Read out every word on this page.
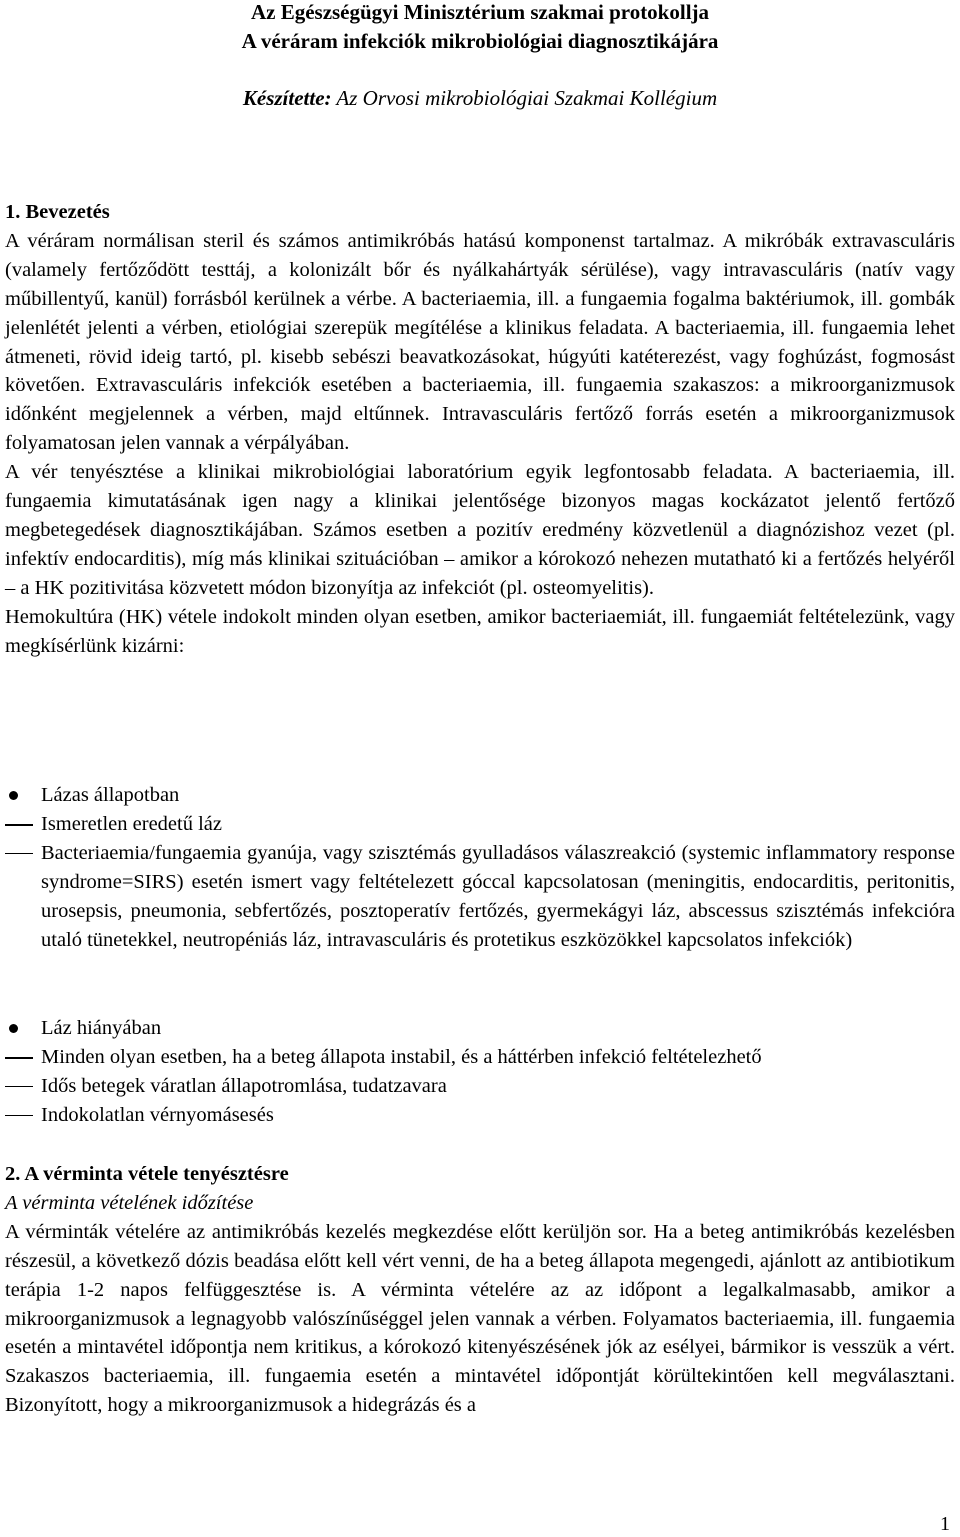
Az Egészségügyi Minisztérium szakmai protokollja
A véráram infekciók mikrobiológiai diagnosztikájára
Készítette: Az Orvosi mikrobiológiai Szakmai Kollégium

1. Bevezetés

A véráram normálisan steril és számos antimikróbás hatású komponenst tartalmaz. A mikróbák extravasculáris (valamely fertőződött testtáj, a kolonizált bőr és nyálkahártyák sérülése), vagy intravasculáris (natív vagy műbillentyű, kanül) forrásból kerülnek a vérbe. A bacteriaemia, ill. a fungaemia fogalma baktériumok, ill. gombák jelenlétét jelenti a vérben, etiológiai szerepük megítélése a klinikus feladata. A bacteriaemia, ill. fungaemia lehet átmeneti, rövid ideig tartó, pl. kisebb sebészi beavatkozásokat, húgyúti katéterezést, vagy foghúzást, fogmosást követően. Extravasculáris infekciók esetében a bacteriaemia, ill. fungaemia szakaszos: a mikroorganizmusok időnként megjelennek a vérben, majd eltűnnek. Intravasculáris fertőző forrás esetén a mikroorganizmusok folyamatosan jelen vannak a vérpályában.

A vér tenyésztése a klinikai mikrobiológiai laboratórium egyik legfontosabb feladata. A bacteriaemia, ill. fungaemia kimutatásának igen nagy a klinikai jelentősége bizonyos magas kockázatot jelentő fertőző megbetegedések diagnosztikájában. Számos esetben a pozitív eredmény közvetlenül a diagnózishoz vezet (pl. infektív endocarditis), míg más klinikai szituációban – amikor a kórokozó nehezen mutatható ki a fertőzés helyéről – a HK pozitivitása közvetett módon bizonyítja az infekciót (pl. osteomyelitis).

Hemokultúra (HK) vétele indokolt minden olyan esetben, amikor bacteriaemiát, ill. fungaemiát feltételezünk, vagy megkísérlünk kizárni:

Lázas állapotban
Ismeretlen eredetű láz
Bacteriaemia/fungaemia gyanúja, vagy szisztémás gyulladásos válaszreakció (systemic inflammatory response syndrome=SIRS) esetén ismert vagy feltételezett góccal kapcsolatosan (meningitis, endocarditis, peritonitis, urosepsis, pneumonia, sebfertőzés, posztoperatív fertőzés, gyermekágyi láz, abscessus szisztémás infekcióra utaló tünetekkel, neutropéniás láz, intravasculáris és protetikus eszközökkel kapcsolatos infekciók)
Láz hiányában
Minden olyan esetben, ha a beteg állapota instabil, és a háttérben infekció feltételezhető
Idős betegek váratlan állapotromlása, tudatzavara
Indokolatlan vérnyomásesés

2. A vérminta vétele tenyésztésre

A vérminta vételének időzítése

A vérminták vételére az antimikróbás kezelés megkezdése előtt kerüljön sor. Ha a beteg antimikróbás kezelésben részesül, a következő dózis beadása előtt kell vért venni, de ha a beteg állapota megengedi, ajánlott az antibiotikum terápia 1-2 napos felfüggesztése is. A vérminta vételére az az időpont a legalkalmasabb, amikor a mikroorganizmusok a legnagyobb valószínűséggel jelen vannak a vérben. Folyamatos bacteriaemia, ill. fungaemia esetén a mintavétel időpontja nem kritikus, a kórokozó kitenyészésének jók az esélyei, bármikor is vesszük a vért. Szakaszos bacteriaemia, ill. fungaemia esetén a mintavétel időpontját körültekintően kell megválasztani. Bizonyított, hogy a mikroorganizmusok a hidegrázás és a

1
